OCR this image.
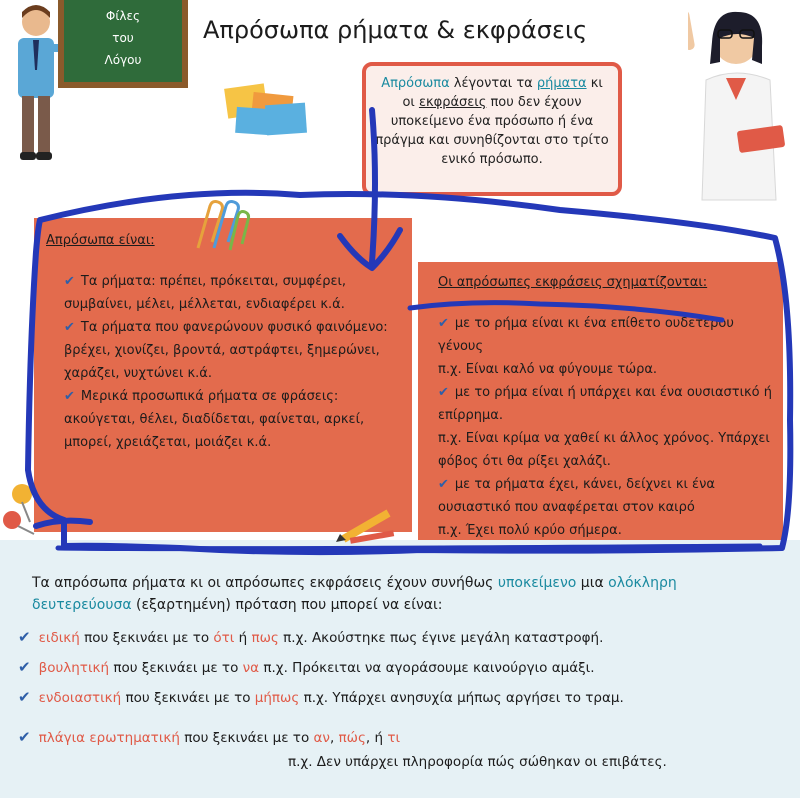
Φίλες
του
Λόγου
Απρόσωπα ρήματα & εκφράσεις
Απρόσωπα λέγονται τα ρήματα κι οι εκφράσεις που δεν έχουν υποκείμενο ένα πρόσωπο ή ένα πράγμα και συνηθίζονται στο τρίτο ενικό πρόσωπο.
Απρόσωπα είναι:
✔ Τα ρήματα: πρέπει, πρόκειται, συμφέρει, συμβαίνει, μέλει, μέλλεται, ενδιαφέρει κ.ά.
✔ Τα ρήματα που φανερώνουν φυσικό φαινόμενο: βρέχει, χιονίζει, βροντά, αστράφτει, ξημερώνει, χαράζει, νυχτώνει κ.ά.
✔ Μερικά προσωπικά ρήματα σε φράσεις: ακούγεται, θέλει, διαδίδεται, φαίνεται, αρκεί, μπορεί, χρειάζεται, μοιάζει κ.ά.
Οι απρόσωπες εκφράσεις σχηματίζονται:
✔ με το ρήμα είναι κι ένα επίθετο ουδετέρου γένους
π.χ. Είναι καλό να φύγουμε τώρα.
✔ με το ρήμα είναι ή υπάρχει και ένα ουσιαστικό ή επίρρημα.
π.χ. Είναι κρίμα να χαθεί κι άλλος χρόνος. Υπάρχει φόβος ότι θα ρίξει χαλάζι.
✔ με τα ρήματα έχει, κάνει, δείχνει κι ένα ουσιαστικό που αναφέρεται στον καιρό
π.χ. Έχει πολύ κρύο σήμερα.
Τα απρόσωπα ρήματα κι οι απρόσωπες εκφράσεις έχουν συνήθως υποκείμενο μια ολόκληρη δευτερεύουσα (εξαρτημένη) πρόταση που μπορεί να είναι:
✔ ειδική που ξεκινάει με το ότι ή πως π.χ. Ακούστηκε πως έγινε μεγάλη καταστροφή.
✔ βουλητική που ξεκινάει με το να π.χ. Πρόκειται να αγοράσουμε καινούργιο αμάξι.
✔ ενδοιαστική που ξεκινάει με το μήπως π.χ. Υπάρχει ανησυχία μήπως αργήσει το τραμ.
✔ πλάγια ερωτηματική που ξεκινάει με το αν, πώς, ή τι
π.χ. Δεν υπάρχει πληροφορία πώς σώθηκαν οι επιβάτες.
